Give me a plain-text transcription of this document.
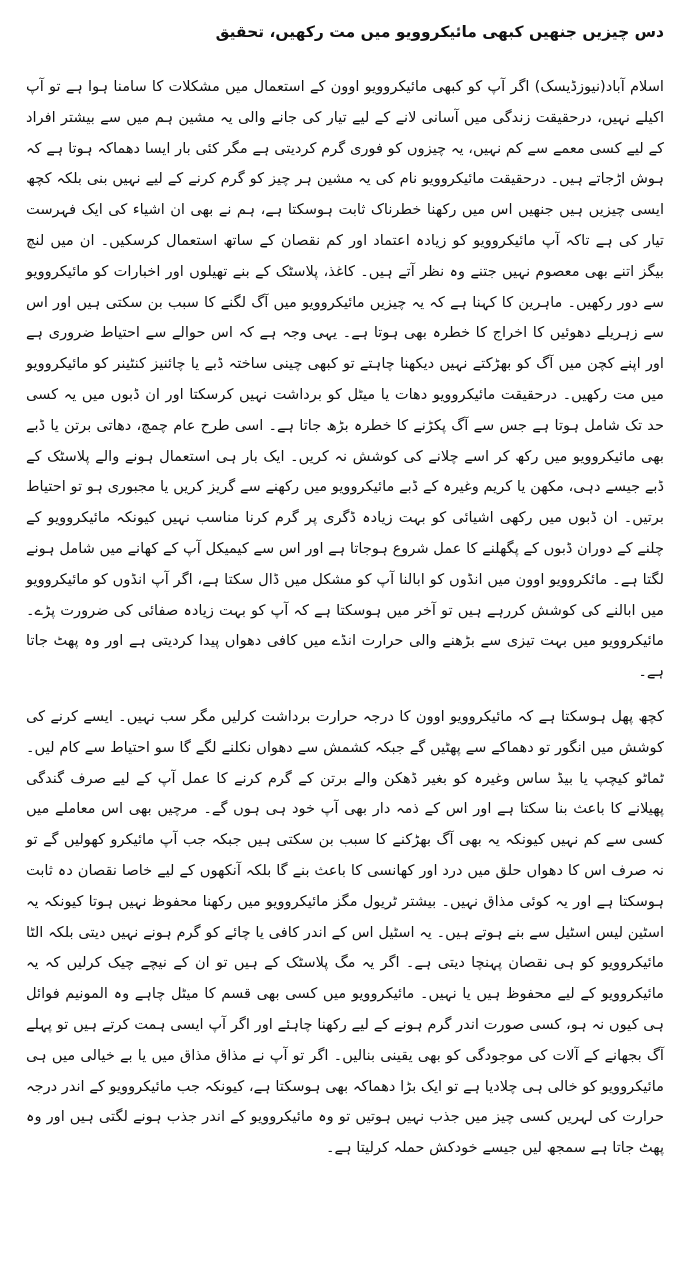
دس چیزیں جنھیں کبھی مائیکروویو میں مت رکھیں، تحقیق

اسلام آباد(نیوزڈیسک) اگر آپ کو کبھی مائیکروویو اوون کے استعمال میں مشکلات کا سامنا ہوا ہے تو آپ اکیلے نہیں، درحقیقت زندگی میں آسانی لانے کے لیے تیار کی جانے والی یہ مشین ہم میں سے بیشتر افراد کے لیے کسی معمے سے کم نہیں، یہ چیزوں کو فوری گرم کردیتی ہے مگر کئی بار ایسا دھماکہ ہوتا ہے کہ ہوش اڑجاتے ہیں۔ درحقیقت مائیکروویو نام کی یہ مشین ہر چیز کو گرم کرنے کے لیے نہیں بنی بلکہ کچھ ایسی چیزیں ہیں جنھیں اس میں رکھنا خطرناک ثابت ہوسکتا ہے، ہم نے بھی ان اشیاء کی ایک فہرست تیار کی ہے تاکہ آپ مائیکروویو کو زیادہ اعتماد اور کم نقصان کے ساتھ استعمال کرسکیں۔ ان میں لنچ بیگز اتنے بھی معصوم نہیں جتنے وہ نظر آتے ہیں۔ کاغذ، پلاسٹک کے بنے تھیلوں اور اخبارات کو مائیکروویو سے دور رکھیں۔ ماہرین کا کہنا ہے کہ یہ چیزیں مائیکروویو میں آگ لگنے کا سبب بن سکتی ہیں اور اس سے زہریلے دھوئیں کا اخراج کا خطرہ بھی ہوتا ہے۔ یہی وجہ ہے کہ اس حوالے سے احتیاط ضروری ہے اور اپنے کچن میں آگ کو بھڑکتے نہیں دیکھنا چاہتے تو کبھی چینی ساختہ ڈبے یا چائنیز کنٹینر کو مائیکروویو میں مت رکھیں۔ درحقیقت مائیکروویو دھات یا میٹل کو برداشت نہیں کرسکتا اور ان ڈبوں میں یہ کسی حد تک شامل ہوتا ہے جس سے آگ پکڑنے کا خطرہ بڑھ جاتا ہے۔ اسی طرح عام چمچ، دھاتی برتن یا ڈبے بھی مائیکروویو میں رکھ کر اسے چلانے کی کوشش نہ کریں۔ ایک بار ہی استعمال ہونے والے پلاسٹک کے ڈبے جیسے دہی، مکھن یا کریم وغیرہ کے ڈبے مائیکروویو میں رکھنے سے گریز کریں یا مجبوری ہو تو احتیاط برتیں۔ ان ڈبوں میں رکھی اشیائی کو بہت زیادہ ڈگری پر گرم کرنا مناسب نہیں کیونکہ مائیکروویو کے چلنے کے دوران ڈبوں کے پگھلنے کا عمل شروع ہوجاتا ہے اور اس سے کیمیکل آپ کے کھانے میں شامل ہونے لگتا ہے۔ مائکروویو اوون میں انڈوں کو ابالنا آپ کو مشکل میں ڈال سکتا ہے، اگر آپ انڈوں کو مائیکروویو میں ابالنے کی کوشش کررہے ہیں تو آخر میں ہوسکتا ہے کہ آپ کو بہت زیادہ صفائی کی ضرورت پڑے۔ مائیکروویو میں بہت تیزی سے بڑھنے والی حرارت انڈے میں کافی دھواں پیدا کردیتی ہے اور وہ پھٹ جاتا ہے۔

کچھ پھل ہوسکتا ہے کہ مائیکروویو اوون کا درجہ حرارت برداشت کرلیں مگر سب نہیں۔ ایسے کرنے کی کوشش میں انگور تو دھماکے سے پھٹیں گے جبکہ کشمش سے دھواں نکلنے لگے گا سو احتیاط سے کام لیں۔ ٹماٹو کیچپ یا بیڈ ساس وغیرہ کو بغیر ڈھکن والے برتن کے گرم کرنے کا عمل آپ کے لیے صرف گندگی پھیلانے کا باعث بنا سکتا ہے اور اس کے ذمہ دار بھی آپ خود ہی ہوں گے۔ مرچیں بھی اس معاملے میں کسی سے کم نہیں کیونکہ یہ بھی آگ بھڑکنے کا سبب بن سکتی ہیں جبکہ جب آپ مائیکرو کھولیں گے تو نہ صرف اس کا دھواں حلق میں درد اور کھانسی کا باعث بنے گا بلکہ آنکھوں کے لیے خاصا نقصان دہ ثابت ہوسکتا ہے اور یہ کوئی مذاق نہیں۔ بیشتر ٹریول مگز مائیکروویو میں رکھنا محفوظ نہیں ہوتا کیونکہ یہ اسٹین لیس اسٹیل سے بنے ہوتے ہیں۔ یہ اسٹیل اس کے اندر کافی یا چائے کو گرم ہونے نہیں دیتی بلکہ الٹا مائیکروویو کو ہی نقصان پہنچا دیتی ہے۔ اگر یہ مگ پلاسٹک کے ہیں تو ان کے نیچے چیک کرلیں کہ یہ مائیکروویو کے لیے محفوظ ہیں یا نہیں۔ مائیکروویو میں کسی بھی قسم کا میٹل چاہے وہ المونیم فوائل ہی کیوں نہ ہو، کسی صورت اندر گرم ہونے کے لیے رکھنا چاہئے اور اگر آپ ایسی ہمت کرتے ہیں تو پہلے آگ بجھانے کے آلات کی موجودگی کو بھی یقینی بنالیں۔ اگر تو آپ نے مذاق مذاق میں یا بے خیالی میں ہی مائیکروویو کو خالی ہی چلادیا ہے تو ایک بڑا دھماکہ بھی ہوسکتا ہے، کیونکہ جب مائیکروویو کے اندر درجہ حرارت کی لہریں کسی چیز میں جذب نہیں ہوتیں تو وہ مائیکروویو کے اندر جذب ہونے لگتی ہیں اور وہ پھٹ جاتا ہے سمجھ لیں جیسے خودکش حملہ کرلیتا ہے۔
